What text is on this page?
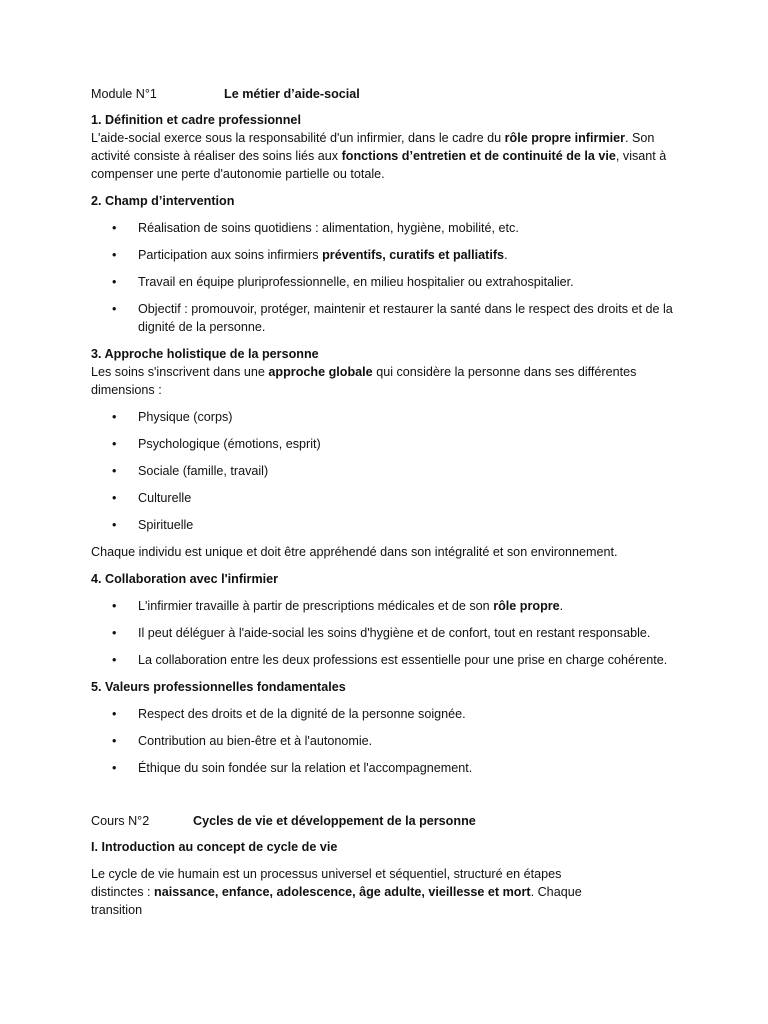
Module N°1	Le métier d’aide-social
1. Définition et cadre professionnel
L'aide-social exerce sous la responsabilité d'un infirmier, dans le cadre du rôle propre infirmier. Son activité consiste à réaliser des soins liés aux fonctions d’entretien et de continuité de la vie, visant à compenser une perte d'autonomie partielle ou totale.
2. Champ d’intervention
• Réalisation de soins quotidiens : alimentation, hygiène, mobilité, etc.
• Participation aux soins infirmiers préventifs, curatifs et palliatifs.
• Travail en équipe pluriprofessionnelle, en milieu hospitalier ou extrahospitalier.
• Objectif : promouvoir, protéger, maintenir et restaurer la santé dans le respect des droits et de la dignité de la personne.
3. Approche holistique de la personne
Les soins s'inscrivent dans une approche globale qui considère la personne dans ses différentes dimensions :
• Physique (corps)
• Psychologique (émotions, esprit)
• Sociale (famille, travail)
• Culturelle
• Spirituelle

Chaque individu est unique et doit être appréhendé dans son intégralité et son environnement.

4. Collaboration avec l'infirmier
• L'infirmier travaille à partir de prescriptions médicales et de son rôle propre.
• Il peut déléguer à l'aide-social les soins d'hygiène et de confort, tout en restant responsable.
• La collaboration entre les deux professions est essentielle pour une prise en charge cohérente.
5. Valeurs professionnelles fondamentales
• Respect des droits et de la dignité de la personne soignée.
• Contribution au bien-être et à l'autonomie.
• Éthique du soin fondée sur la relation et l'accompagnement.
Cours N°2	Cycles de vie et développement de la personne
I. Introduction au concept de cycle de vie
Le cycle de vie humain est un processus universel et séquentiel, structuré en étapes distinctes : naissance, enfance, adolescence, âge adulte, vieillesse et mort. Chaque transition
